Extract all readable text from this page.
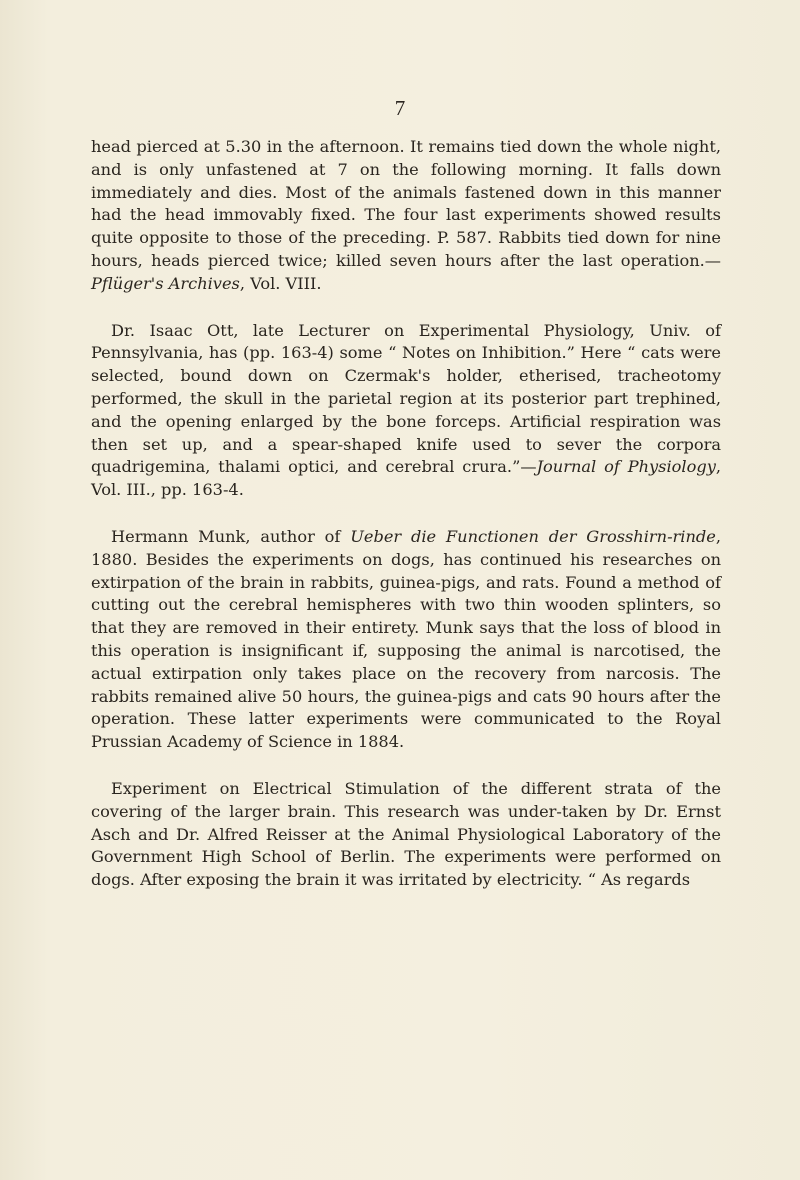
7

head pierced at 5.30 in the afternoon. It remains tied down the whole night, and is only unfastened at 7 on the following morning. It falls down immediately and dies. Most of the animals fastened down in this manner had the head immovably fixed. The four last experiments showed results quite opposite to those of the preceding. P. 587. Rabbits tied down for nine hours, heads pierced twice; killed seven hours after the last operation.— Pflüger's Archives, Vol. VIII.

Dr. Isaac Ott, late Lecturer on Experimental Physiology, Univ. of Pennsylvania, has (pp. 163-4) some “ Notes on Inhibition.” Here “ cats were selected, bound down on Czermak's holder, etherised, tracheotomy performed, the skull in the parietal region at its posterior part trephined, and the opening enlarged by the bone forceps. Artificial respiration was then set up, and a spear-shaped knife used to sever the corpora quadrigemina, thalami optici, and cerebral crura.”—Journal of Physiology, Vol. III., pp. 163-4.

Hermann Munk, author of Ueber die Functionen der Grosshirn-rinde, 1880. Besides the experiments on dogs, has continued his researches on extirpation of the brain in rabbits, guinea-pigs, and rats. Found a method of cutting out the cerebral hemispheres with two thin wooden splinters, so that they are removed in their entirety. Munk says that the loss of blood in this operation is insignificant if, supposing the animal is narcotised, the actual extirpation only takes place on the recovery from narcosis. The rabbits remained alive 50 hours, the guinea-pigs and cats 90 hours after the operation. These latter experiments were communicated to the Royal Prussian Academy of Science in 1884.

Experiment on Electrical Stimulation of the different strata of the covering of the larger brain. This research was under-taken by Dr. Ernst Asch and Dr. Alfred Reisser at the Animal Physiological Laboratory of the Government High School of Berlin. The experiments were performed on dogs. After exposing the brain it was irritated by electricity. “ As regards
